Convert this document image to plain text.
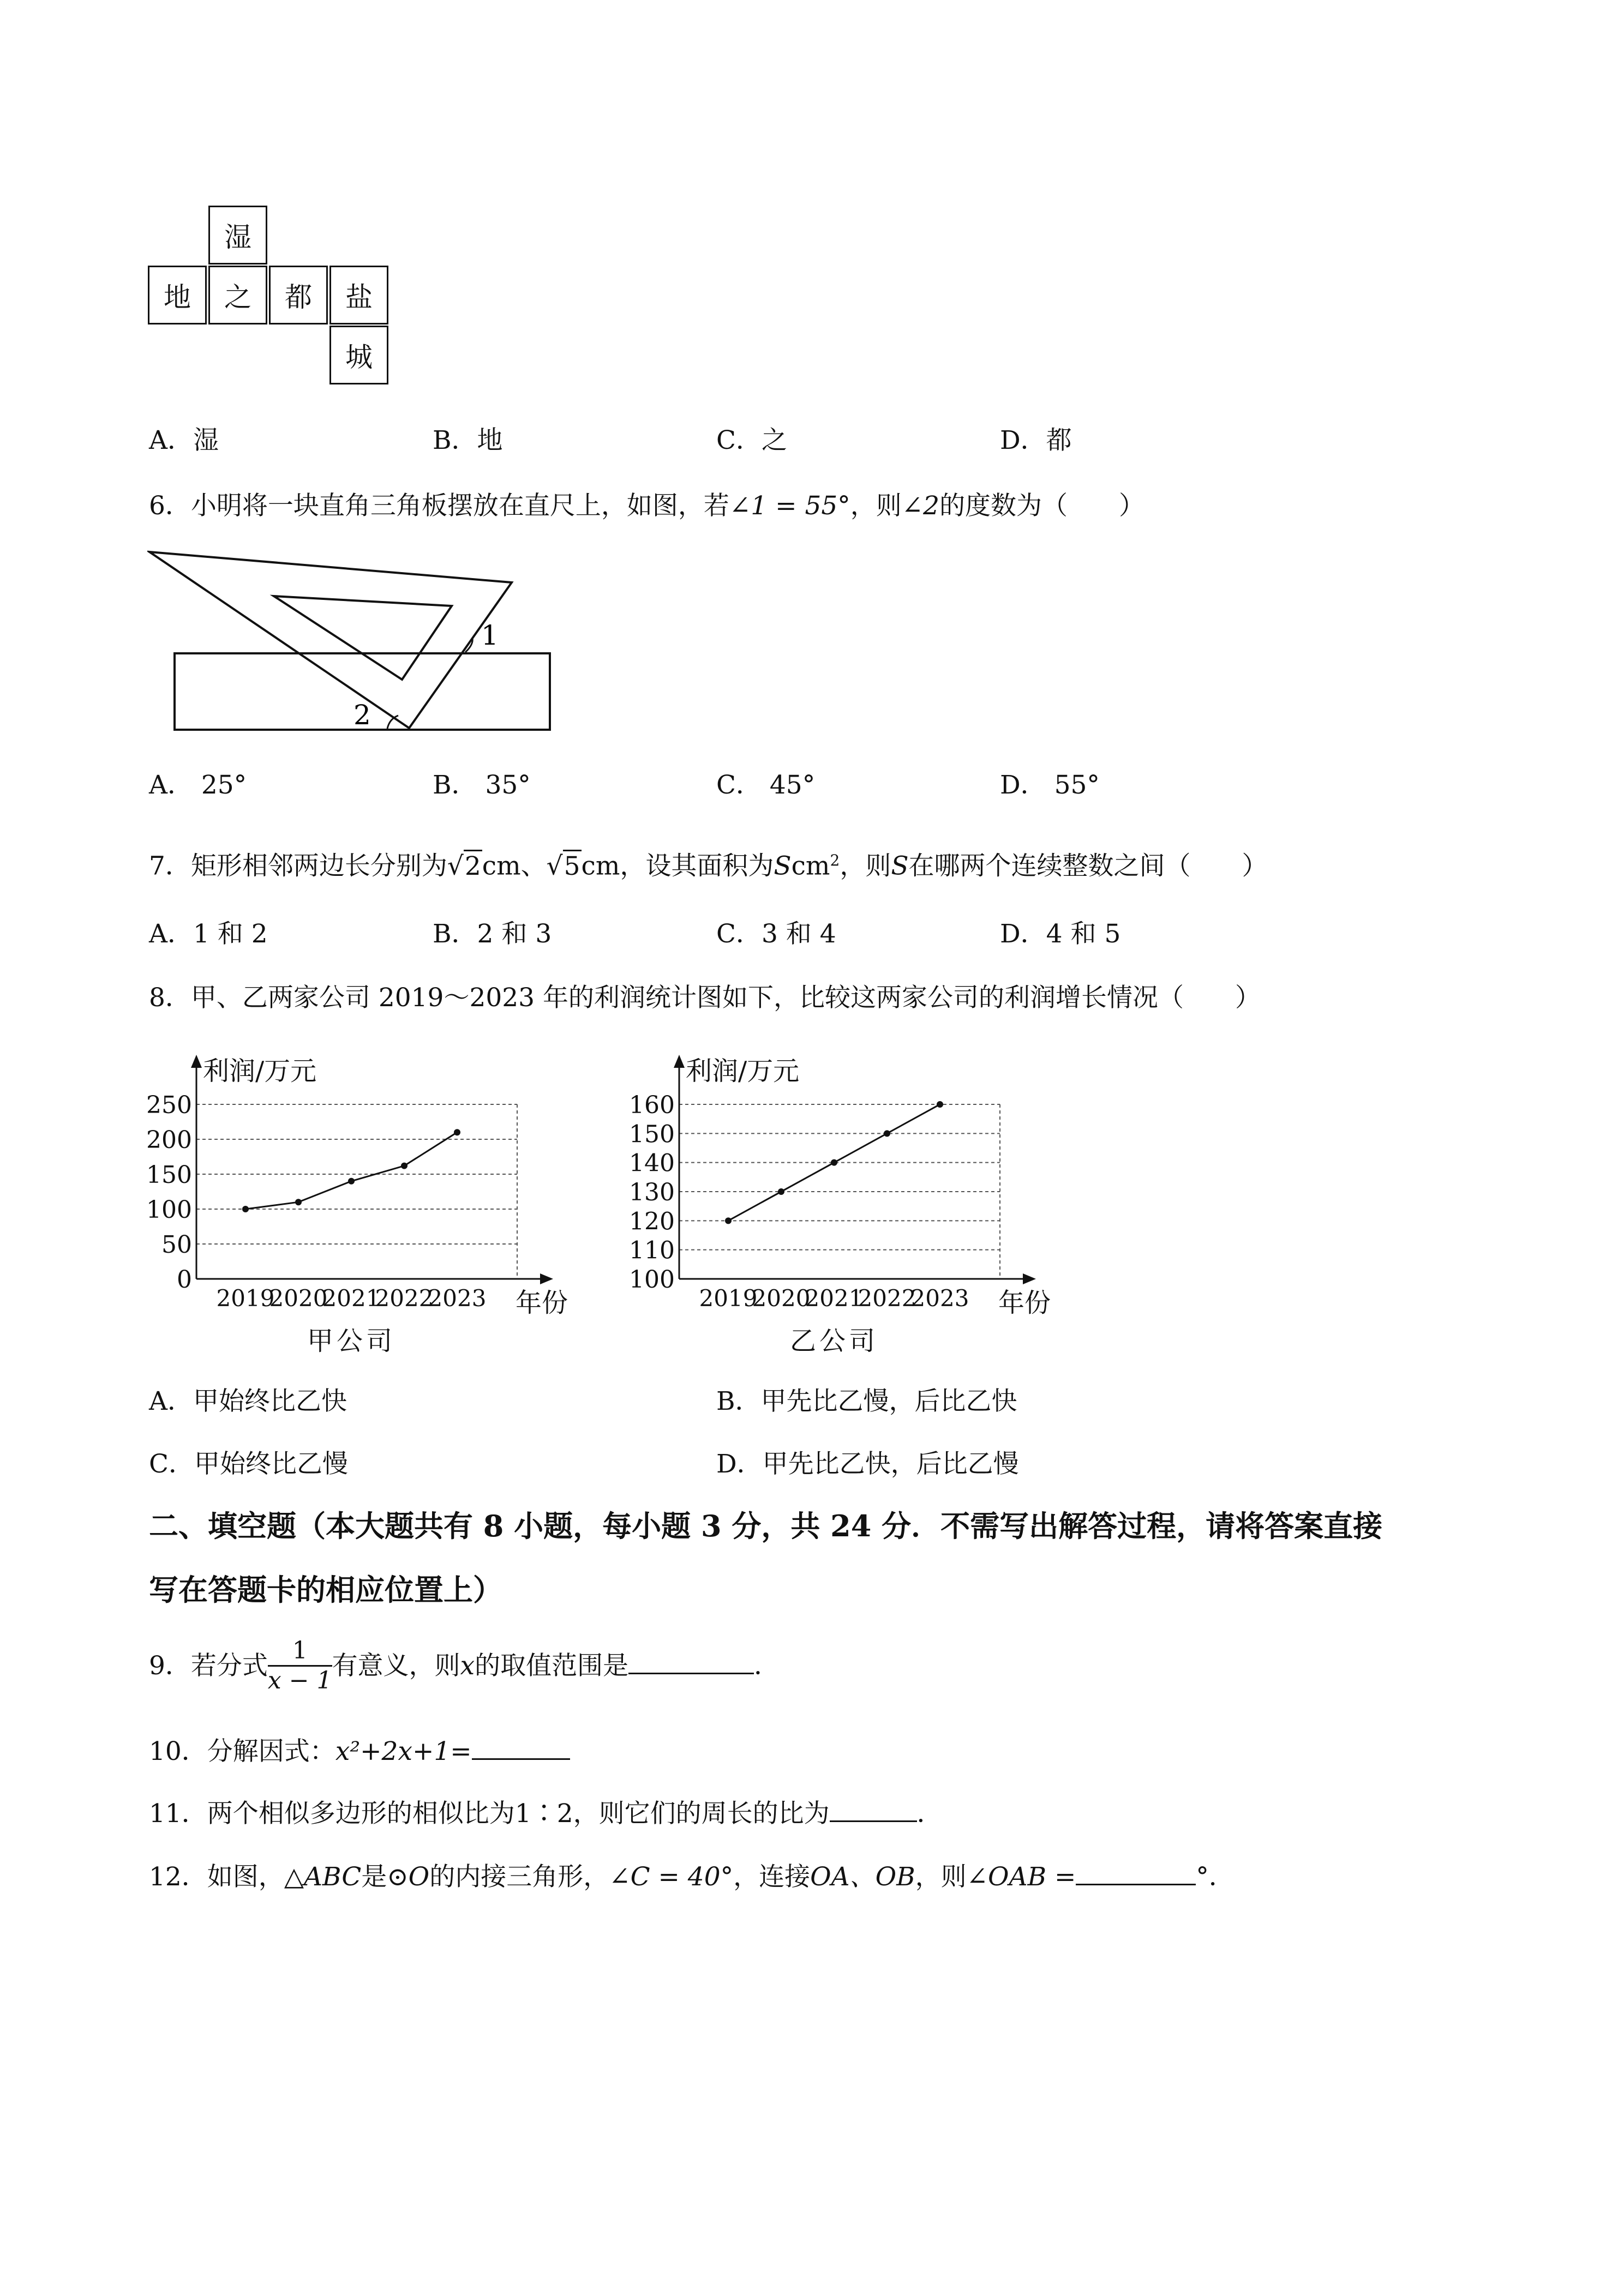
湿
地 之 都 盐
城
A．湿	B．地	C．之	D．都
6．小明将一块直角三角板摆放在直尺上，如图，若∠1 = 55°，则∠2的度数为（　　）
1
2
A． 25°	B． 35°	C． 45°	D． 55°
7．矩形相邻两边长分别为√2cm、√5cm，设其面积为Scm$^2$，则S在哪两个连续整数之间（　　）
A．1 和 2	B．2 和 3	C．3 和 4	D．4 和 5
8．甲、乙两家公司 2019～2023 年的利润统计图如下，比较这两家公司的利润增长情况（　　）
0
50
100
150
200
250
2019
2020
2021
2022
2023
利润/万元
年份
甲公司
100
110
120
130
140
150
160
2019
2020
2021
2022
2023
利润/万元
年份
乙公司
A．甲始终比乙快	B．甲先比乙慢，后比乙快
C．甲始终比乙慢	D．甲先比乙快，后比乙慢
二、填空题（本大题共有 8 小题，每小题 3 分，共 24 分．不需写出解答过程，请将答案直接
写在答题卡的相应位置上）
9．若分式 $\frac{1}{x - 1}$ 有意义，则x的取值范围是	．
10．分解因式：x²+2x+1=
11．两个相似多边形的相似比为1∶2，则它们的周长的比为	．
12．如图，△ABC是⊙O的内接三角形，∠C = 40°，连接OA、OB，则∠OAB =	°．
